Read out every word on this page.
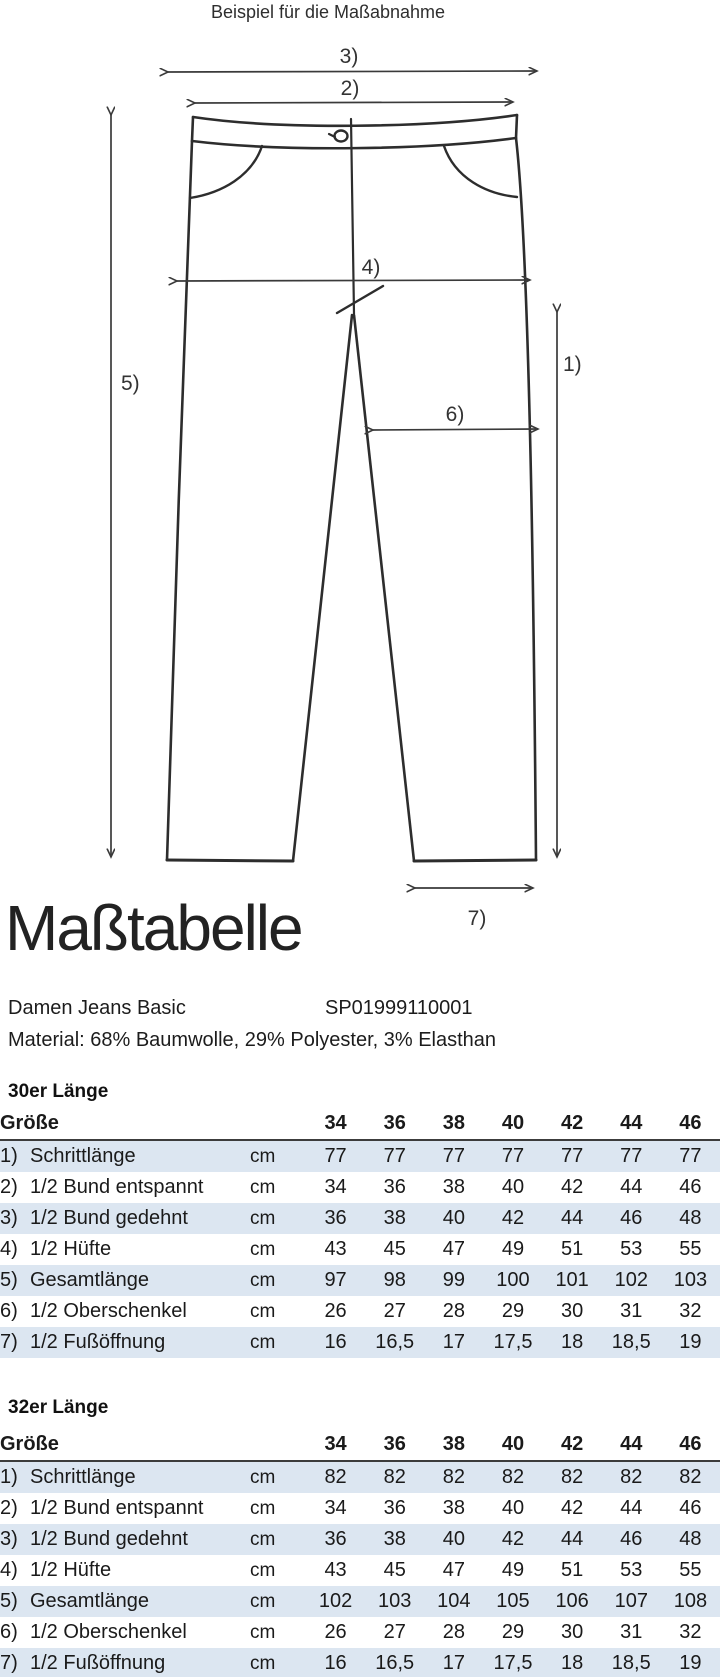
Beispiel für die Maßabnahme
3)
2)
4)
6)
5)
1)
7)
Maßtabelle
Damen Jeans Basic	SP01999110001
Material: 68% Baumwolle, 29% Polyester, 3% Elasthan
30er Länge
Größe		34	36	38	40	42	44	46
1) Schrittlänge	cm	77	77	77	77	77	77	77
2) 1/2 Bund entspannt	cm	34	36	38	40	42	44	46
3) 1/2 Bund gedehnt	cm	36	38	40	42	44	46	48
4) 1/2 Hüfte	cm	43	45	47	49	51	53	55
5) Gesamtlänge	cm	97	98	99	100	101	102	103
6) 1/2 Oberschenkel	cm	26	27	28	29	30	31	32
7) 1/2 Fußöffnung	cm	16	16,5	17	17,5	18	18,5	19
32er Länge
Größe		34	36	38	40	42	44	46
1) Schrittlänge	cm	82	82	82	82	82	82	82
2) 1/2 Bund entspannt	cm	34	36	38	40	42	44	46
3) 1/2 Bund gedehnt	cm	36	38	40	42	44	46	48
4) 1/2 Hüfte	cm	43	45	47	49	51	53	55
5) Gesamtlänge	cm	102	103	104	105	106	107	108
6) 1/2 Oberschenkel	cm	26	27	28	29	30	31	32
7) 1/2 Fußöffnung	cm	16	16,5	17	17,5	18	18,5	19
